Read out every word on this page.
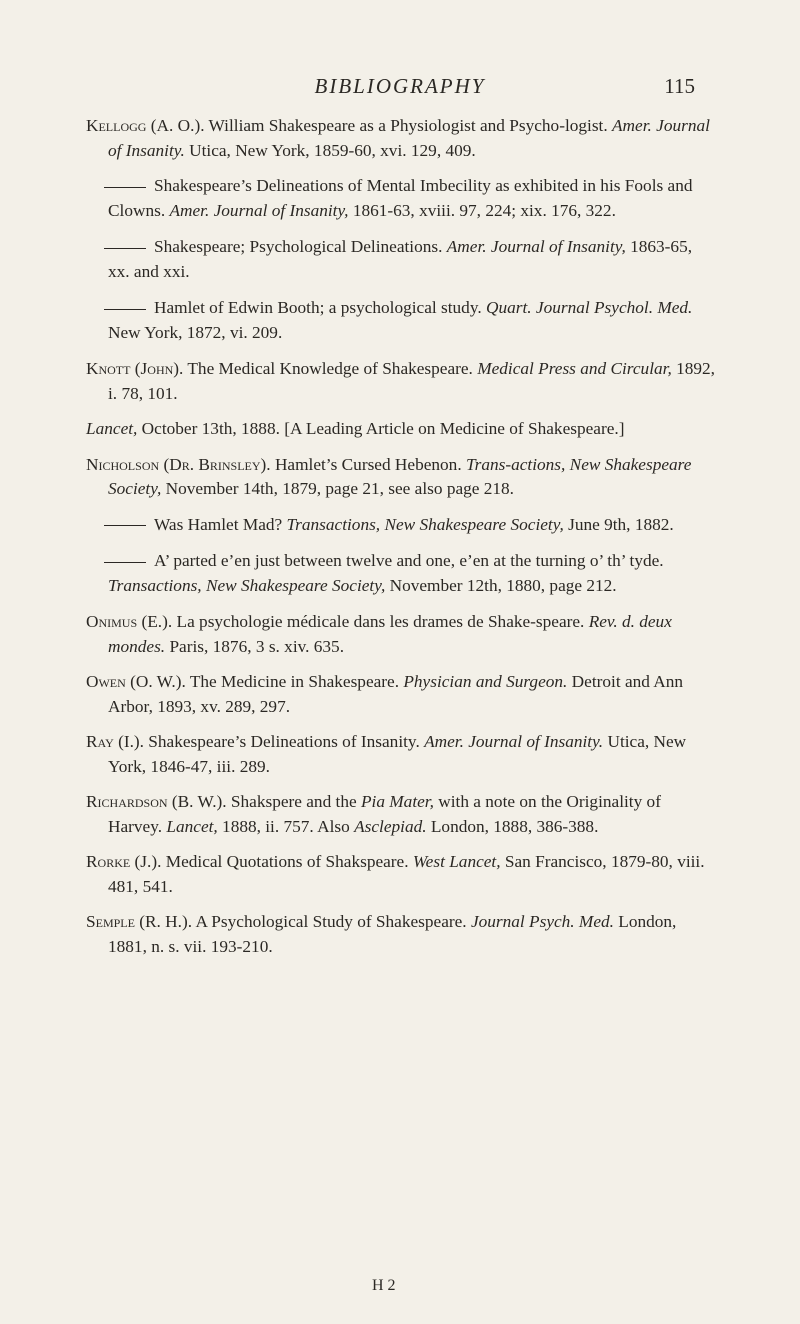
BIBLIOGRAPHY	115
Kellogg (A. O.). William Shakespeare as a Physiologist and Psycho-logist. Amer. Journal of Insanity. Utica, New York, 1859-60, xvi. 129, 409.
Shakespeare’s Delineations of Mental Imbecility as exhibited in his Fools and Clowns. Amer. Journal of Insanity, 1861-63, xviii. 97, 224; xix. 176, 322.
Shakespeare; Psychological Delineations. Amer. Journal of Insanity, 1863-65, xx. and xxi.
Hamlet of Edwin Booth; a psychological study. Quart. Journal Psychol. Med. New York, 1872, vi. 209.
Knott (John). The Medical Knowledge of Shakespeare. Medical Press and Circular, 1892, i. 78, 101.
Lancet, October 13th, 1888. [A Leading Article on Medicine of Shakespeare.]
Nicholson (Dr. Brinsley). Hamlet’s Cursed Hebenon. Trans-actions, New Shakespeare Society, November 14th, 1879, page 21, see also page 218.
Was Hamlet Mad? Transactions, New Shakespeare Society, June 9th, 1882.
A’ parted e’en just between twelve and one, e’en at the turning o’ th’ tyde. Transactions, New Shakespeare Society, November 12th, 1880, page 212.
Onimus (E.). La psychologie médicale dans les drames de Shake-speare. Rev. d. deux mondes. Paris, 1876, 3 s. xiv. 635.
Owen (O. W.). The Medicine in Shakespeare. Physician and Surgeon. Detroit and Ann Arbor, 1893, xv. 289, 297.
Ray (I.). Shakespeare’s Delineations of Insanity. Amer. Journal of Insanity. Utica, New York, 1846-47, iii. 289.
Richardson (B. W.). Shakspere and the Pia Mater, with a note on the Originality of Harvey. Lancet, 1888, ii. 757. Also Asclepiad. London, 1888, 386-388.
Rorke (J.). Medical Quotations of Shakspeare. West Lancet, San Francisco, 1879-80, viii. 481, 541.
Semple (R. H.). A Psychological Study of Shakespeare. Journal Psych. Med. London, 1881, n. s. vii. 193-210.
H 2
